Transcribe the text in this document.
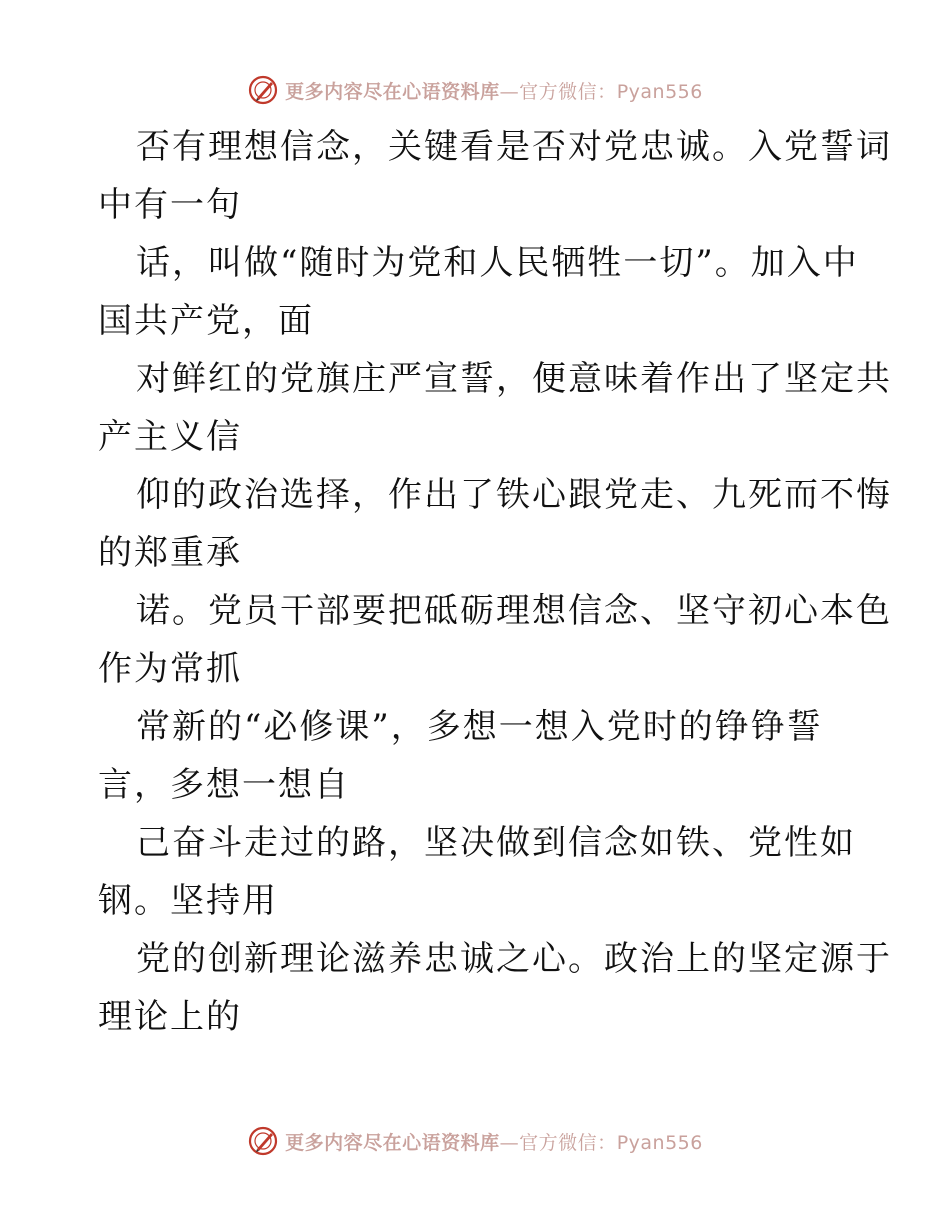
更多内容尽在心语资料库—官方微信：Pyan556
否有理想信念，关键看是否对党忠诚。入党誓词
中有一句
话，叫做“随时为党和人民牺牲一切”。加入中
国共产党，面
对鲜红的党旗庄严宣誓，便意味着作出了坚定共
产主义信
仰的政治选择，作出了铁心跟党走、九死而不悔
的郑重承
诺。党员干部要把砥砺理想信念、坚守初心本色
作为常抓
常新的“必修课”，多想一想入党时的铮铮誓
言，多想一想自
己奋斗走过的路，坚决做到信念如铁、党性如
钢。坚持用
党的创新理论滋养忠诚之心。政治上的坚定源于
理论上的
更多内容尽在心语资料库—官方微信：Pyan556
